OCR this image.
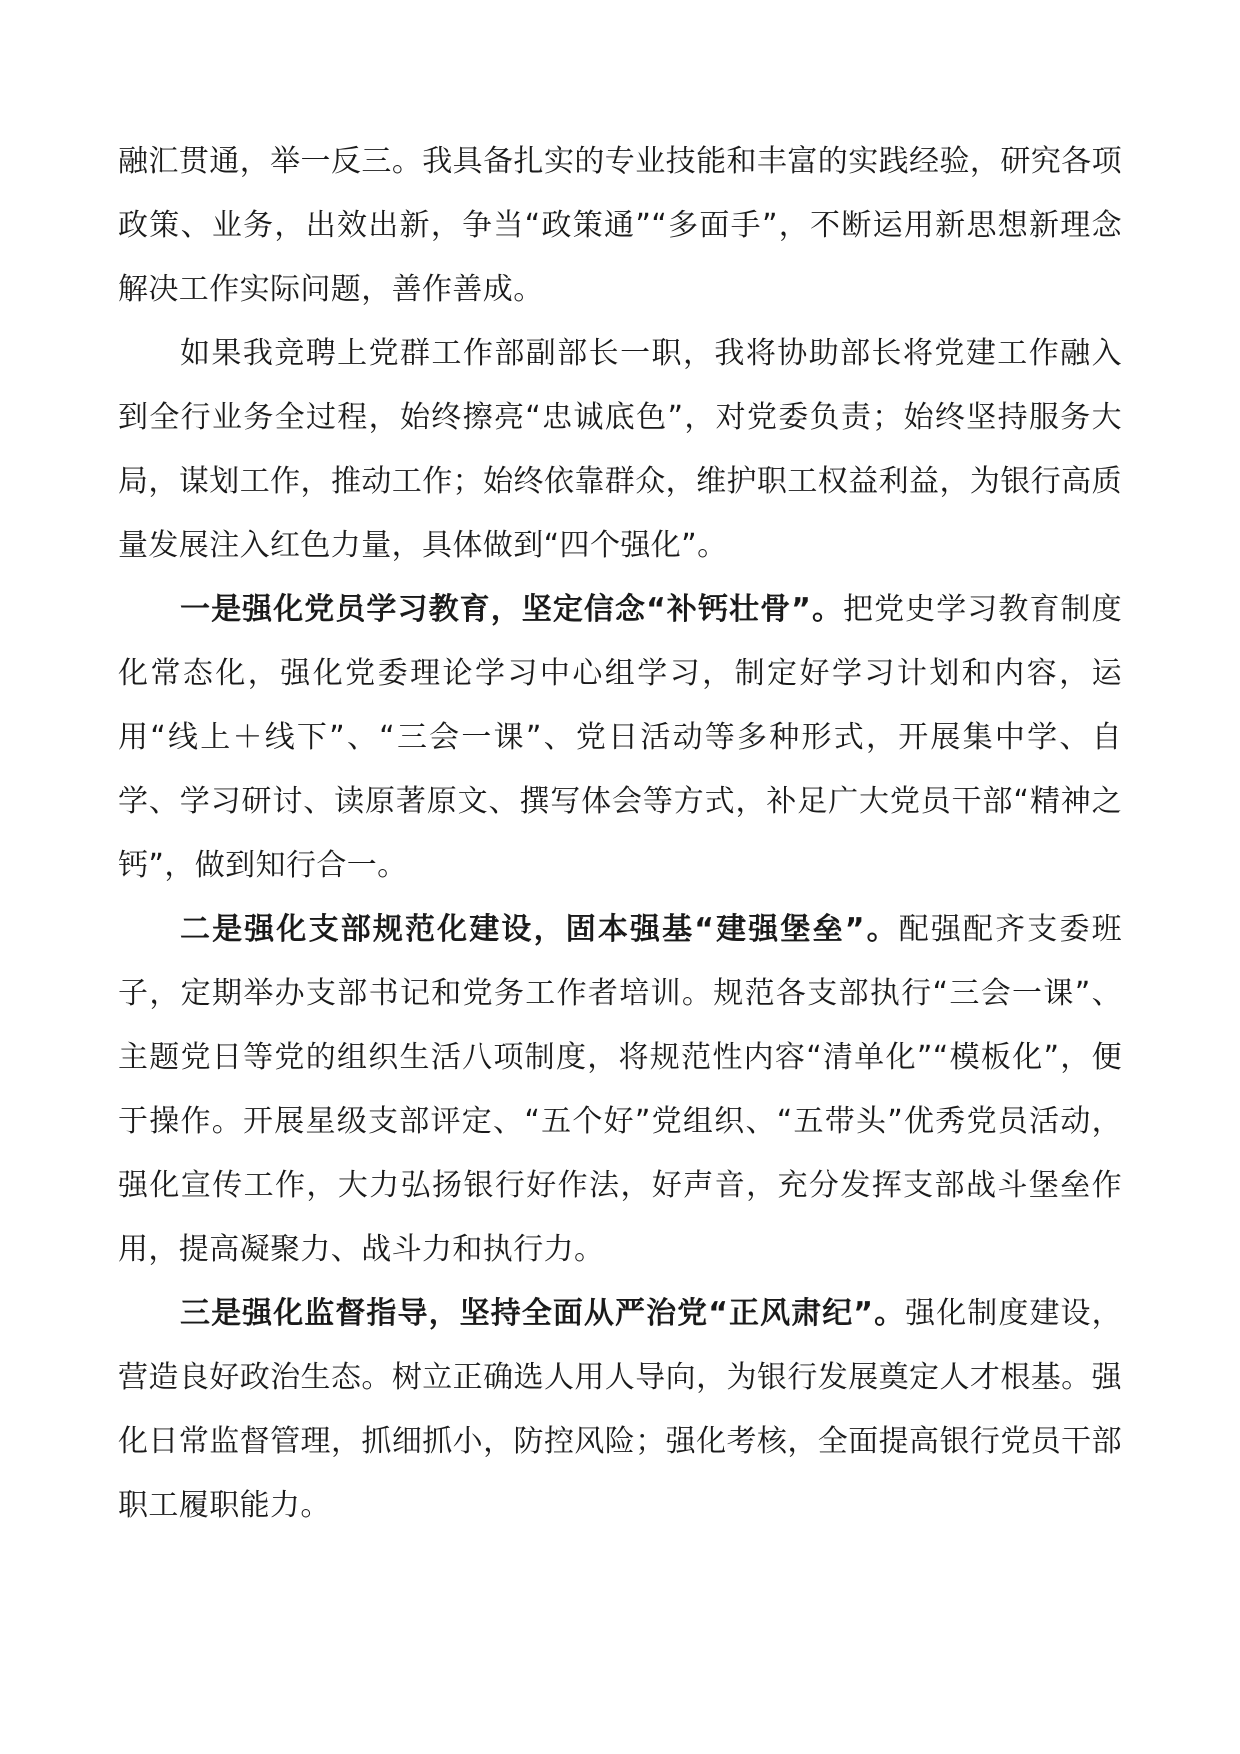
融汇贯通，举一反三。我具备扎实的专业技能和丰富的实践经验，研究各项政策、业务，出效出新，争当“政策通”“多面手”，不断运用新思想新理念解决工作实际问题，善作善成。

如果我竞聘上党群工作部副部长一职，我将协助部长将党建工作融入到全行业务全过程，始终擦亮“忠诚底色”，对党委负责；始终坚持服务大局，谋划工作，推动工作；始终依靠群众，维护职工权益利益，为银行高质量发展注入红色力量，具体做到“四个强化”。

一是强化党员学习教育，坚定信念“补钙壮骨”。把党史学习教育制度化常态化，强化党委理论学习中心组学习，制定好学习计划和内容，运用“线上＋线下”、“三会一课”、党日活动等多种形式，开展集中学、自学、学习研讨、读原著原文、撰写体会等方式，补足广大党员干部“精神之钙”，做到知行合一。

二是强化支部规范化建设，固本强基“建强堡垒”。配强配齐支委班子，定期举办支部书记和党务工作者培训。规范各支部执行“三会一课”、主题党日等党的组织生活八项制度，将规范性内容“清单化”“模板化”，便于操作。开展星级支部评定、“五个好”党组织、“五带头”优秀党员活动，强化宣传工作，大力弘扬银行好作法，好声音，充分发挥支部战斗堡垒作用，提高凝聚力、战斗力和执行力。

三是强化监督指导，坚持全面从严治党“正风肃纪”。强化制度建设，营造良好政治生态。树立正确选人用人导向，为银行发展奠定人才根基。强化日常监督管理，抓细抓小，防控风险；强化考核，全面提高银行党员干部职工履职能力。
